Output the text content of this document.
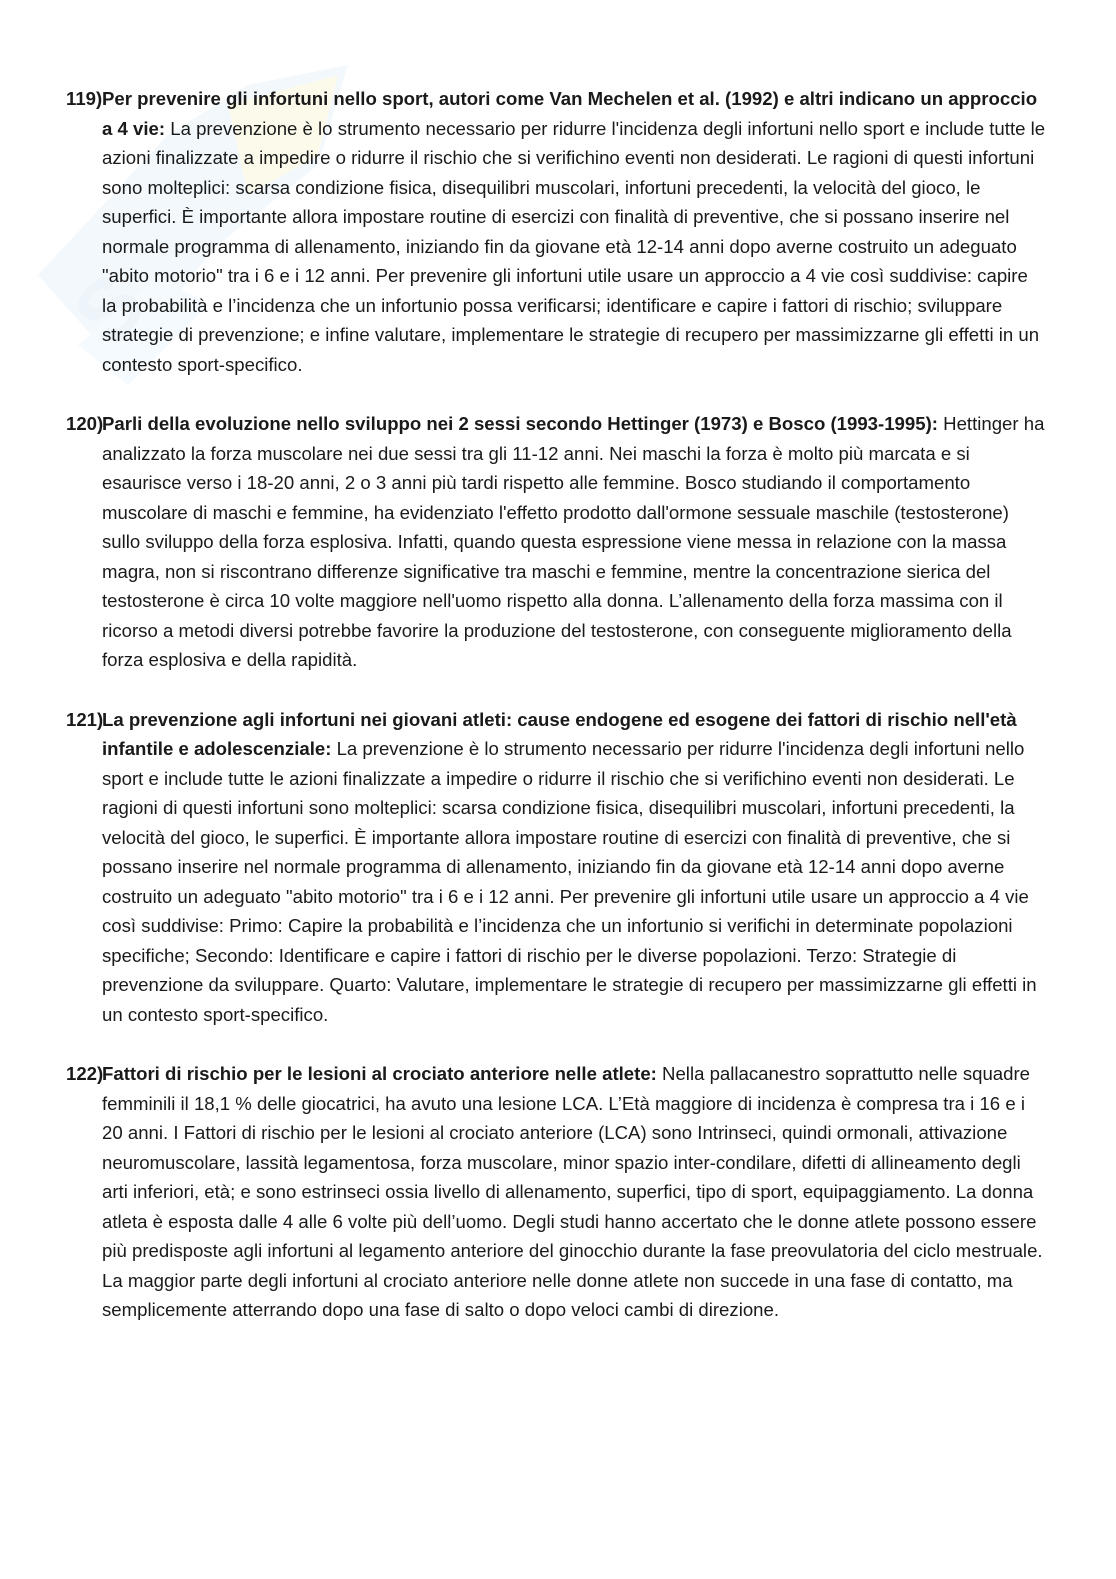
S
119) Per prevenire gli infortuni nello sport, autori come Van Mechelen et al. (1992) e altri indicano un approccio a 4 vie: La prevenzione è lo strumento necessario per ridurre l'incidenza degli infortuni nello sport e include tutte le azioni finalizzate a impedire o ridurre il rischio che si verifichino eventi non desiderati. Le ragioni di questi infortuni sono molteplici: scarsa condizione fisica, disequilibri muscolari, infortuni precedenti, la velocità del gioco, le superfici. È importante allora impostare routine di esercizi con finalità di preventive, che si possano inserire nel normale programma di allenamento, iniziando fin da giovane età 12-14 anni dopo averne costruito un adeguato "abito motorio" tra i 6 e i 12 anni. Per prevenire gli infortuni utile usare un approccio a 4 vie così suddivise: capire la probabilità e l’incidenza che un infortunio possa verificarsi; identificare e capire i fattori di rischio; sviluppare strategie di prevenzione; e infine valutare, implementare le strategie di recupero per massimizzarne gli effetti in un contesto sport-specifico.

120)

Parli della evoluzione nello sviluppo nei 2 sessi secondo Hettinger (1973) e Bosco (1993-1995): Hettinger ha analizzato la forza muscolare nei due sessi tra gli 11-12 anni. Nei maschi la forza è molto più marcata e si esaurisce verso i 18-20 anni, 2 o 3 anni più tardi rispetto alle femmine. Bosco studiando il comportamento muscolare di maschi e femmine, ha evidenziato l'effetto prodotto dall'ormone sessuale maschile (testosterone) sullo sviluppo della forza esplosiva. Infatti, quando questa espressione viene messa in relazione con la massa magra, non si riscontrano differenze significative tra maschi e femmine, mentre la concentrazione sierica del testosterone è circa 10 volte maggiore nell'uomo rispetto alla donna. L’allenamento della forza massima con il ricorso a metodi diversi potrebbe favorire la produzione del testosterone, con conseguente miglioramento della forza esplosiva e della rapidità.

121)

La prevenzione agli infortuni nei giovani atleti: cause endogene ed esogene dei fattori di rischio nell'età infantile e adolescenziale: La prevenzione è lo strumento necessario per ridurre l'incidenza degli infortuni nello sport e include tutte le azioni finalizzate a impedire o ridurre il rischio che si verifichino eventi non desiderati. Le ragioni di questi infortuni sono molteplici: scarsa condizione fisica, disequilibri muscolari, infortuni precedenti, la velocità del gioco, le superfici. È importante allora impostare routine di esercizi con finalità di preventive, che si possano inserire nel normale programma di allenamento, iniziando fin da giovane età 12-14 anni dopo averne costruito un adeguato "abito motorio" tra i 6 e i 12 anni. Per prevenire gli infortuni utile usare un approccio a 4 vie così suddivise: Primo: Capire la probabilità e l’incidenza che un infortunio si verifichi in determinate popolazioni specifiche; Secondo: Identificare e capire i fattori di rischio per le diverse popolazioni. Terzo: Strategie di prevenzione da sviluppare. Quarto: Valutare, implementare le strategie di recupero per massimizzarne gli effetti in un contesto sport-specifico.

122)

Fattori di rischio per le lesioni al crociato anteriore nelle atlete: Nella pallacanestro soprattutto nelle squadre femminili il 18,1 % delle giocatrici, ha avuto una lesione LCA. L’Età maggiore di incidenza è compresa tra i 16 e i 20 anni. I Fattori di rischio per le lesioni al crociato anteriore (LCA) sono Intrinseci, quindi ormonali, attivazione neuromuscolare, lassità legamentosa, forza muscolare, minor spazio inter-condilare, difetti di allineamento degli arti inferiori, età; e sono estrinseci ossia livello di allenamento, superfici, tipo di sport, equipaggiamento. La donna atleta è esposta dalle 4 alle 6 volte più dell’uomo. Degli studi hanno accertato che le donne atlete possono essere più predisposte agli infortuni al legamento anteriore del ginocchio durante la fase preovulatoria del ciclo mestruale. La maggior parte degli infortuni al crociato anteriore nelle donne atlete non succede in una fase di contatto, ma semplicemente atterrando dopo una fase di salto o dopo veloci cambi di direzione.
